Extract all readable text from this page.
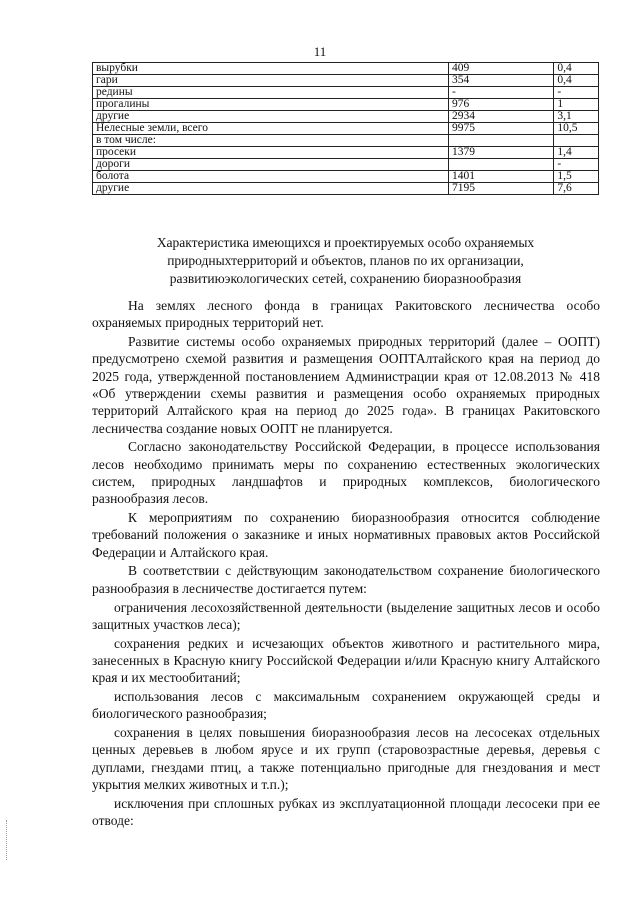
11
вырубки	409	0,4
гари	354	0,4
редины	-	-
прогалины	976	1
другие	2934	3,1
Нелесные земли, всего	9975	10,5
в том числе:		
просеки	1379	1,4
дороги		-
болота	1401	1,5
другие	7195	7,6
Характеристика имеющихся и проектируемых особо охраняемых
природныхтерриторий и объектов, планов по их организации,
развитиюэкологических сетей, сохранению биоразнообразия

На землях лесного фонда в границах Ракитовского лесничества особо охраняемых природных территорий нет.

Развитие системы особо охраняемых природных территорий (далее – ООПТ) предусмотрено схемой развития и размещения ООПТАлтайского края на период до 2025 года, утвержденной постановлением Администрации края от 12.08.2013 № 418 «Об утверждении схемы развития и размещения особо охраняемых природных территорий Алтайского края на период до 2025 года». В границах Ракитовского лесничества создание новых ООПТ не планируется.

Согласно законодательству Российской Федерации, в процессе использования лесов необходимо принимать меры по сохранению естественных экологических систем, природных ландшафтов и природных комплексов, биологического разнообразия лесов.

К мероприятиям по сохранению биоразнообразия относится соблюдение требований положения о заказнике и иных нормативных правовых актов Российской Федерации и Алтайского края.

В соответствии с действующим законодательством сохранение биологического разнообразия в лесничестве достигается путем:

ограничения лесохозяйственной деятельности (выделение защитных лесов и особо защитных участков леса);

сохранения редких и исчезающих объектов животного и растительного мира, занесенных в Красную книгу Российской Федерации и/или Красную книгу Алтайского края и их местообитаний;

использования лесов с максимальным сохранением окружающей среды и биологического разнообразия;

сохранения в целях повышения биоразнообразия лесов на лесосеках отдельных ценных деревьев в любом ярусе и их групп (старовозрастные деревья, деревья с дуплами, гнездами птиц, а также потенциально пригодные для гнездования и мест укрытия мелких животных и т.п.);

исключения при сплошных рубках из эксплуатационной площади лесосеки при ее отводе:
